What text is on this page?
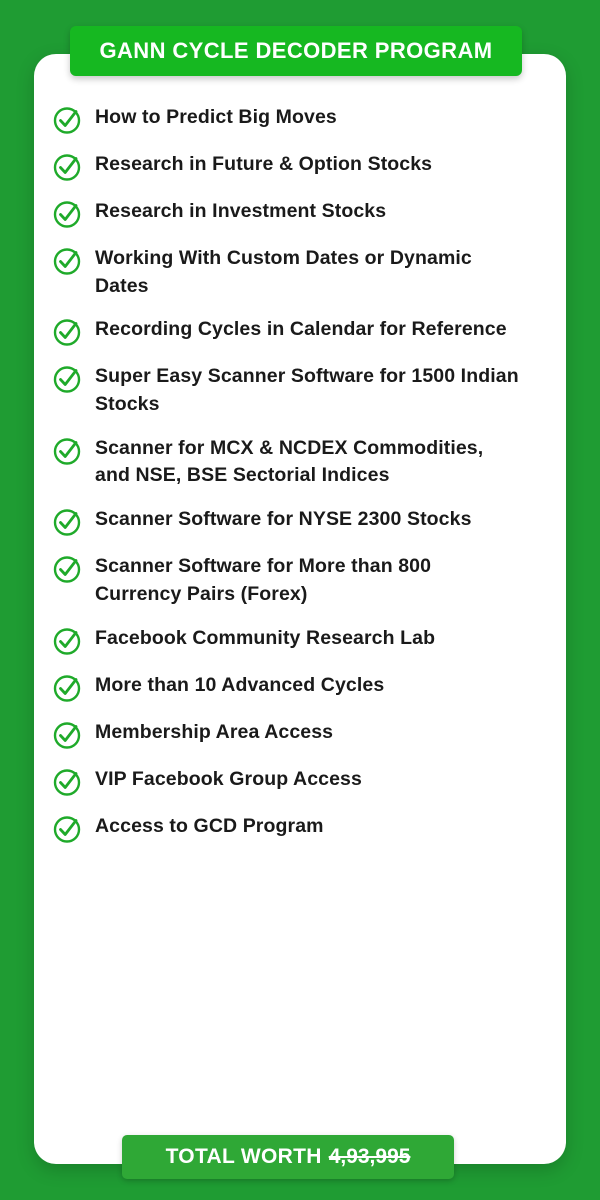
GANN CYCLE DECODER PROGRAM
How to Predict Big Moves
Research in Future & Option Stocks
Research in Investment Stocks
Working With Custom Dates or Dynamic Dates
Recording Cycles in Calendar for Reference
Super Easy Scanner Software for 1500 Indian Stocks
Scanner for MCX & NCDEX Commodities, and NSE, BSE Sectorial Indices
Scanner Software for NYSE 2300 Stocks
Scanner Software for More than 800 Currency Pairs (Forex)
Facebook Community Research Lab
More than 10 Advanced Cycles
Membership Area Access
VIP Facebook Group Access
Access to GCD Program
TOTAL WORTH 4,93,995
